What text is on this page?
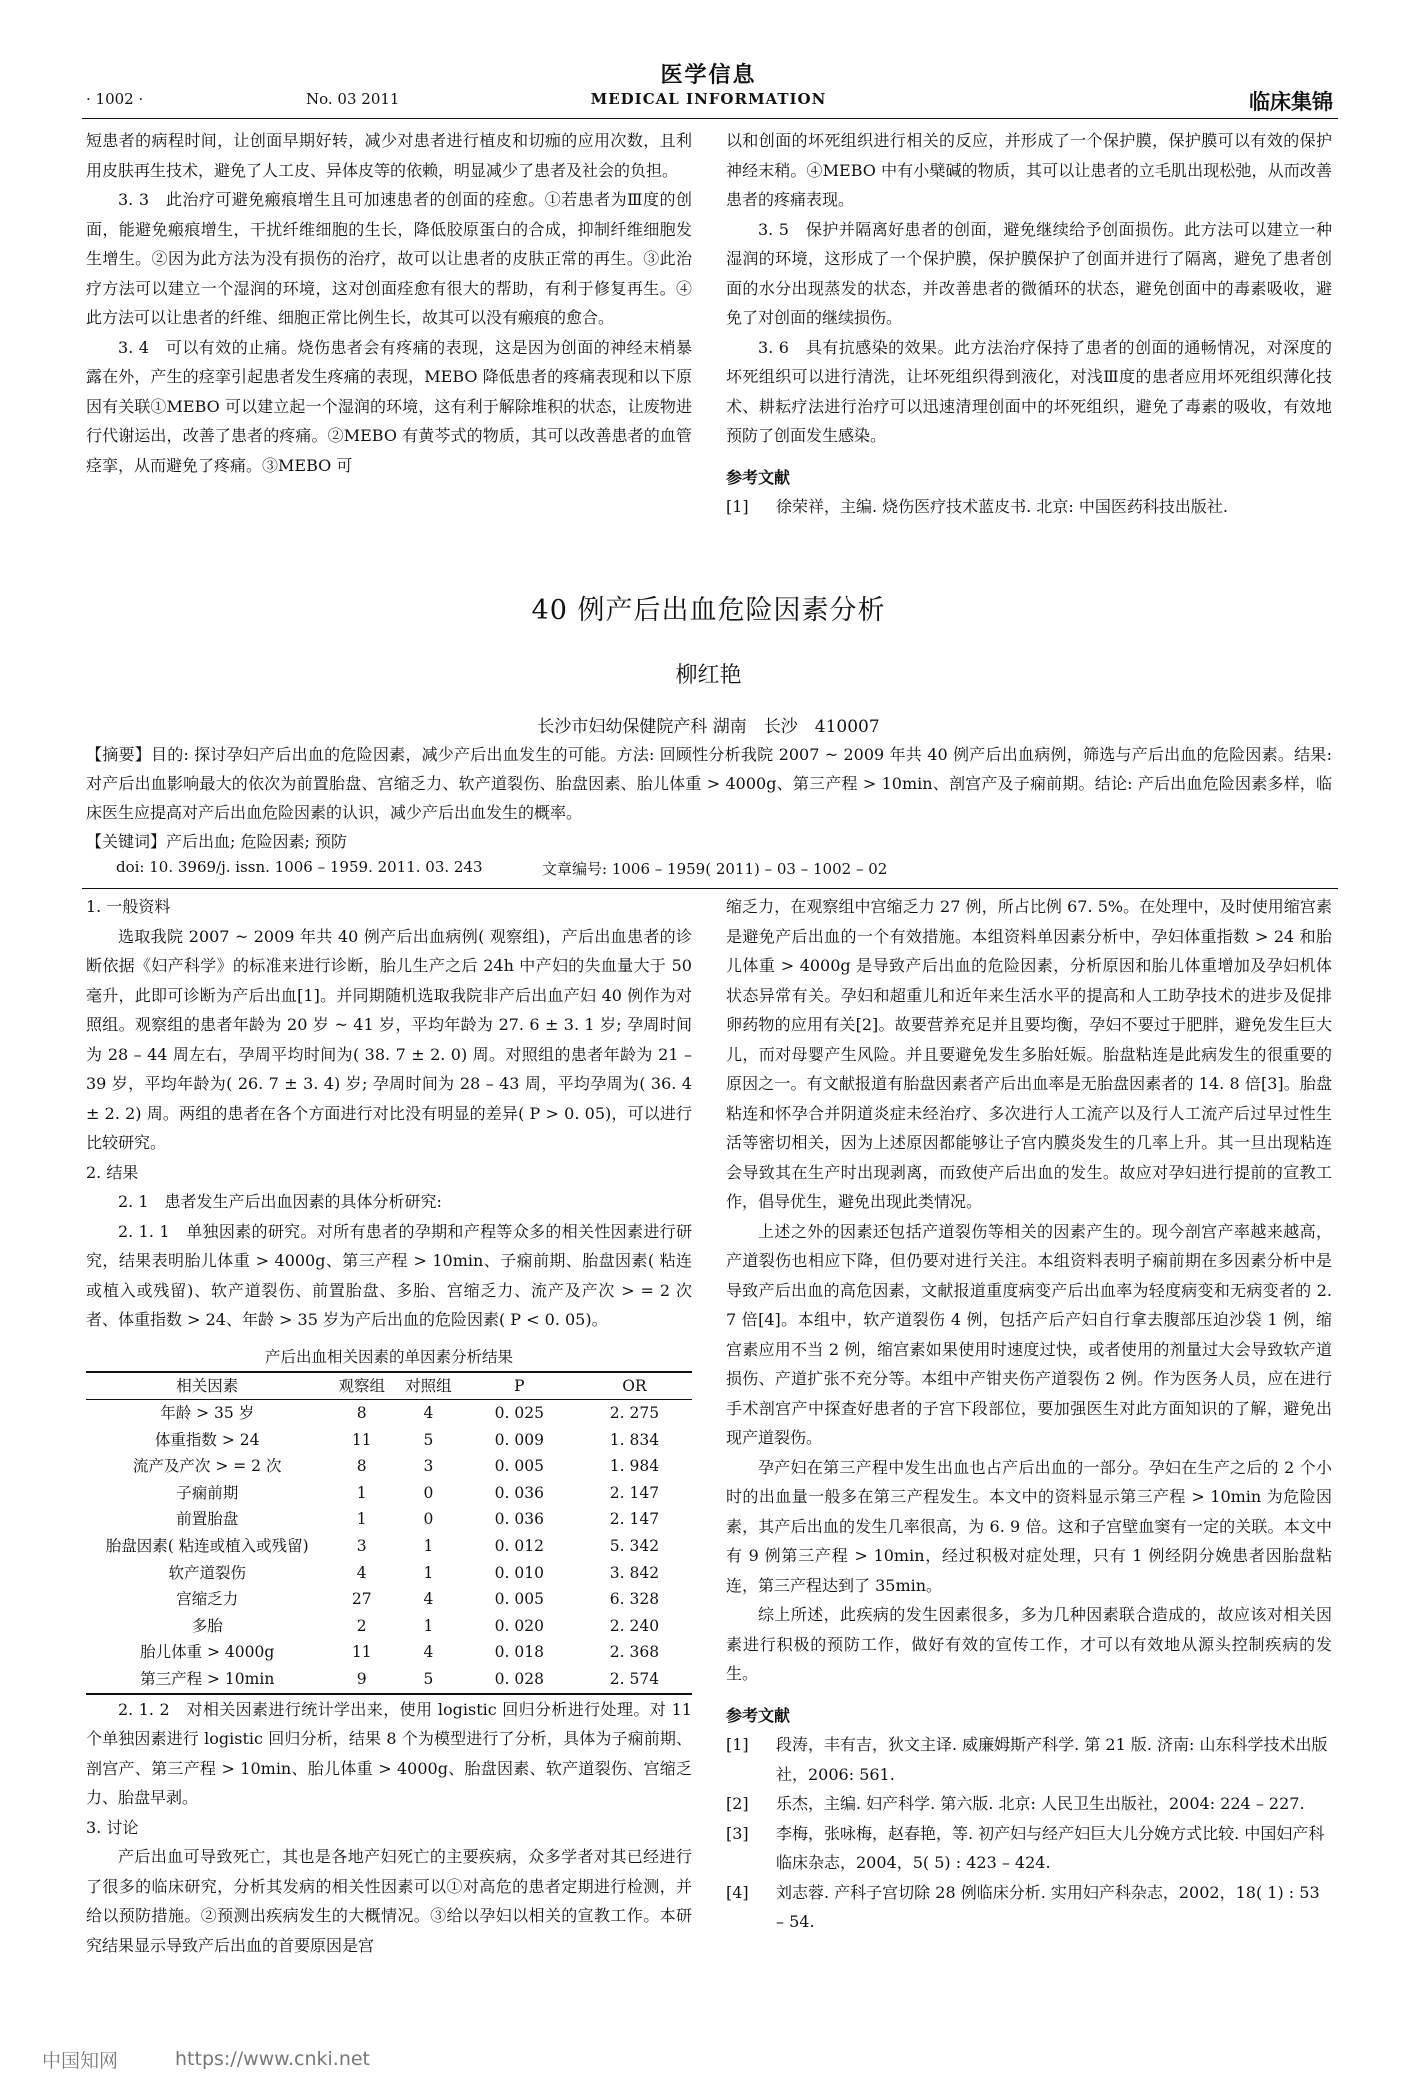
医学信息
· 1002 ·	No. 03 2011	MEDICAL INFORMATION	临床集锦

短患者的病程时间，让创面早期好转，减少对患者进行植皮和切痂的应用次数，且利用皮肤再生技术，避免了人工皮、异体皮等的依赖，明显减少了患者及社会的负担。

3. 3　此治疗可避免瘢痕增生且可加速患者的创面的痊愈。①若患者为Ⅲ度的创面，能避免瘢痕增生，干扰纤维细胞的生长，降低胶原蛋白的合成，抑制纤维细胞发生增生。②因为此方法为没有损伤的治疗，故可以让患者的皮肤正常的再生。③此治疗方法可以建立一个湿润的环境，这对创面痊愈有很大的帮助，有利于修复再生。④此方法可以让患者的纤维、细胞正常比例生长，故其可以没有瘢痕的愈合。

3. 4　可以有效的止痛。烧伤患者会有疼痛的表现，这是因为创面的神经末梢暴露在外，产生的痉挛引起患者发生疼痛的表现，MEBO 降低患者的疼痛表现和以下原因有关联①MEBO 可以建立起一个湿润的环境，这有利于解除堆积的状态，让废物进行代谢运出，改善了患者的疼痛。②MEBO 有黄芩式的物质，其可以改善患者的血管痉挛，从而避免了疼痛。③MEBO 可

以和创面的坏死组织进行相关的反应，并形成了一个保护膜，保护膜可以有效的保护神经末稍。④MEBO 中有小檗碱的物质，其可以让患者的立毛肌出现松弛，从而改善患者的疼痛表现。

3. 5　保护并隔离好患者的创面，避免继续给予创面损伤。此方法可以建立一种湿润的环境，这形成了一个保护膜，保护膜保护了创面并进行了隔离，避免了患者创面的水分出现蒸发的状态，并改善患者的微循环的状态，避免创面中的毒素吸收，避免了对创面的继续损伤。

3. 6　具有抗感染的效果。此方法治疗保持了患者的创面的通畅情况，对深度的坏死组织可以进行清洗，让坏死组织得到液化，对浅Ⅲ度的患者应用坏死组织薄化技术、耕耘疗法进行治疗可以迅速清理创面中的坏死组织，避免了毒素的吸收，有效地预防了创面发生感染。

参考文献

[1]	徐荣祥，主编. 烧伤医疗技术蓝皮书. 北京: 中国医药科技出版社.
40 例产后出血危险因素分析
柳红艳
长沙市妇幼保健院产科 湖南　长沙　410007

【摘要】目的: 探讨孕妇产后出血的危险因素，减少产后出血发生的可能。方法: 回顾性分析我院 2007 ~ 2009 年共 40 例产后出血病例，筛选与产后出血的危险因素。结果: 对产后出血影响最大的依次为前置胎盘、宫缩乏力、软产道裂伤、胎盘因素、胎儿体重 > 4000g、第三产程 > 10min、剖宫产及子痫前期。结论: 产后出血危险因素多样，临床医生应提高对产后出血危险因素的认识，减少产后出血发生的概率。

【关键词】产后出血; 危险因素; 预防

doi: 10. 3969/j. issn. 1006 – 1959. 2011. 03. 243	文章编号: 1006 – 1959( 2011) – 03 – 1002 – 02

1. 一般资料

选取我院 2007 ~ 2009 年共 40 例产后出血病例( 观察组)，产后出血患者的诊断依据《妇产科学》的标准来进行诊断，胎儿生产之后 24h 中产妇的失血量大于 50 毫升，此即可诊断为产后出血[1]。并同期随机选取我院非产后出血产妇 40 例作为对照组。观察组的患者年龄为 20 岁 ~ 41 岁，平均年龄为 27. 6 ± 3. 1 岁; 孕周时间为 28 – 44 周左右，孕周平均时间为( 38. 7 ± 2. 0) 周。对照组的患者年龄为 21 – 39 岁，平均年龄为( 26. 7 ± 3. 4) 岁; 孕周时间为 28 – 43 周，平均孕周为( 36. 4 ± 2. 2) 周。两组的患者在各个方面进行对比没有明显的差异( P > 0. 05)，可以进行比较研究。

2. 结果

2. 1　患者发生产后出血因素的具体分析研究:

2. 1. 1　单独因素的研究。对所有患者的孕期和产程等众多的相关性因素进行研究，结果表明胎儿体重 > 4000g、第三产程 > 10min、子痫前期、胎盘因素( 粘连或植入或残留)、软产道裂伤、前置胎盘、多胎、宫缩乏力、流产及产次 > = 2 次者、体重指数 > 24、年龄 > 35 岁为产后出血的危险因素( P < 0. 05)。

产后出血相关因素的单因素分析结果
相关因素	观察组	对照组	P	OR
年龄 > 35 岁	8	4	0. 025	2. 275
体重指数 > 24	11	5	0. 009	1. 834
流产及产次 > = 2 次	8	3	0. 005	1. 984
子痫前期	1	0	0. 036	2. 147
前置胎盘	1	0	0. 036	2. 147
胎盘因素( 粘连或植入或残留)	3	1	0. 012	5. 342
软产道裂伤	4	1	0. 010	3. 842
宫缩乏力	27	4	0. 005	6. 328
多胎	2	1	0. 020	2. 240
胎儿体重 > 4000g	11	4	0. 018	2. 368
第三产程 > 10min	9	5	0. 028	2. 574

2. 1. 2　对相关因素进行统计学出来，使用 logistic 回归分析进行处理。对 11 个单独因素进行 logistic 回归分析，结果 8 个为模型进行了分析，具体为子痫前期、剖宫产、第三产程 > 10min、胎儿体重 > 4000g、胎盘因素、软产道裂伤、宫缩乏力、胎盘早剥。

3. 讨论

产后出血可导致死亡，其也是各地产妇死亡的主要疾病，众多学者对其已经进行了很多的临床研究，分析其发病的相关性因素可以①对高危的患者定期进行检测，并给以预防措施。②预测出疾病发生的大概情况。③给以孕妇以相关的宣教工作。本研究结果显示导致产后出血的首要原因是宫

缩乏力，在观察组中宫缩乏力 27 例，所占比例 67. 5%。在处理中，及时使用缩宫素是避免产后出血的一个有效措施。本组资料单因素分析中，孕妇体重指数 > 24 和胎儿体重 > 4000g 是导致产后出血的危险因素，分析原因和胎儿体重增加及孕妇机体状态异常有关。孕妇和超重儿和近年来生活水平的提高和人工助孕技术的进步及促排卵药物的应用有关[2]。故要营养充足并且要均衡，孕妇不要过于肥胖，避免发生巨大儿，而对母婴产生风险。并且要避免发生多胎妊娠。胎盘粘连是此病发生的很重要的原因之一。有文献报道有胎盘因素者产后出血率是无胎盘因素者的 14. 8 倍[3]。胎盘粘连和怀孕合并阴道炎症未经治疗、多次进行人工流产以及行人工流产后过早过性生活等密切相关，因为上述原因都能够让子宫内膜炎发生的几率上升。其一旦出现粘连会导致其在生产时出现剥离，而致使产后出血的发生。故应对孕妇进行提前的宣教工作，倡导优生，避免出现此类情况。

上述之外的因素还包括产道裂伤等相关的因素产生的。现今剖宫产率越来越高，产道裂伤也相应下降，但仍要对进行关注。本组资料表明子痫前期在多因素分析中是导致产后出血的高危因素，文献报道重度病变产后出血率为轻度病变和无病变者的 2. 7 倍[4]。本组中，软产道裂伤 4 例，包括产后产妇自行拿去腹部压迫沙袋 1 例，缩宫素应用不当 2 例，缩宫素如果使用时速度过快，或者使用的剂量过大会导致软产道损伤、产道扩张不充分等。本组中产钳夹伤产道裂伤 2 例。作为医务人员，应在进行手术剖宫产中探查好患者的子宫下段部位，要加强医生对此方面知识的了解，避免出现产道裂伤。

孕产妇在第三产程中发生出血也占产后出血的一部分。孕妇在生产之后的 2 个小时的出血量一般多在第三产程发生。本文中的资料显示第三产程 > 10min 为危险因素，其产后出血的发生几率很高，为 6. 9 倍。这和子宫壁血窦有一定的关联。本文中有 9 例第三产程 > 10min，经过积极对症处理，只有 1 例经阴分娩患者因胎盘粘连，第三产程达到了 35min。

综上所述，此疾病的发生因素很多，多为几种因素联合造成的，故应该对相关因素进行积极的预防工作，做好有效的宣传工作，才可以有效地从源头控制疾病的发生。

参考文献

[1]	段涛，丰有吉，狄文主译. 威廉姆斯产科学. 第 21 版. 济南: 山东科学技术出版社，2006: 561.
[2]	乐杰，主编. 妇产科学. 第六版. 北京: 人民卫生出版社，2004: 224 – 227.
[3]	李梅，张咏梅，赵春艳，等. 初产妇与经产妇巨大儿分娩方式比较. 中国妇产科临床杂志，2004，5( 5) : 423 – 424.
[4]	刘志蓉. 产科子宫切除 28 例临床分析. 实用妇产科杂志，2002，18( 1) : 53 – 54.
中国知网	https://www.cnki.net
